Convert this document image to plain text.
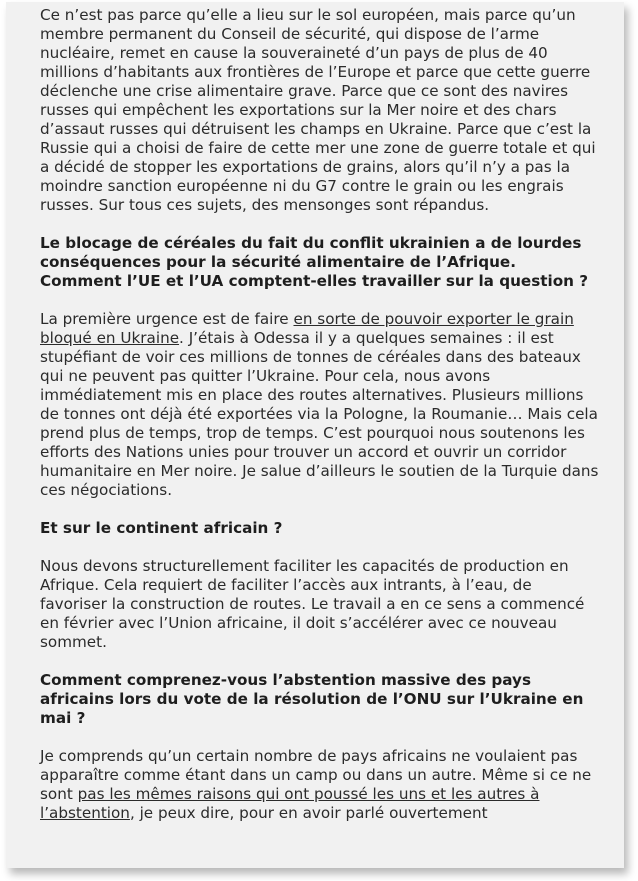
Ce n’est pas parce qu’elle a lieu sur le sol européen, mais parce qu’un membre permanent du Conseil de sécurité, qui dispose de l’arme nucléaire, remet en cause la souveraineté d’un pays de plus de 40 millions d’habitants aux frontières de l’Europe et parce que cette guerre déclenche une crise alimentaire grave. Parce que ce sont des navires russes qui empêchent les exportations sur la Mer noire et des chars d’assaut russes qui détruisent les champs en Ukraine. Parce que c’est la Russie qui a choisi de faire de cette mer une zone de guerre totale et qui a décidé de stopper les exportations de grains, alors qu’il n’y a pas la moindre sanction européenne ni du G7 contre le grain ou les engrais russes. Sur tous ces sujets, des mensonges sont répandus.

Le blocage de céréales du fait du conflit ukrainien a de lourdes conséquences pour la sécurité alimentaire de l’Afrique. Comment l’UE et l’UA comptent-elles travailler sur la question ?

La première urgence est de faire en sorte de pouvoir exporter le grain bloqué en Ukraine. J’étais à Odessa il y a quelques semaines : il est stupéfiant de voir ces millions de tonnes de céréales dans des bateaux qui ne peuvent pas quitter l’Ukraine. Pour cela, nous avons immédiatement mis en place des routes alternatives. Plusieurs millions de tonnes ont déjà été exportées via la Pologne, la Roumanie… Mais cela prend plus de temps, trop de temps. C’est pourquoi nous soutenons les efforts des Nations unies pour trouver un accord et ouvrir un corridor humanitaire en Mer noire. Je salue d’ailleurs le soutien de la Turquie dans ces négociations.

Et sur le continent africain ?

Nous devons structurellement faciliter les capacités de production en Afrique. Cela requiert de faciliter l’accès aux intrants, à l’eau, de favoriser la construction de routes. Le travail a en ce sens a commencé en février avec l’Union africaine, il doit s’accélérer avec ce nouveau sommet.

Comment comprenez-vous l’abstention massive des pays africains lors du vote de la résolution de l’ONU sur l’Ukraine en mai ?

Je comprends qu’un certain nombre de pays africains ne voulaient pas apparaître comme étant dans un camp ou dans un autre. Même si ce ne sont pas les mêmes raisons qui ont poussé les uns et les autres à l’abstention, je peux dire, pour en avoir parlé ouvertement
